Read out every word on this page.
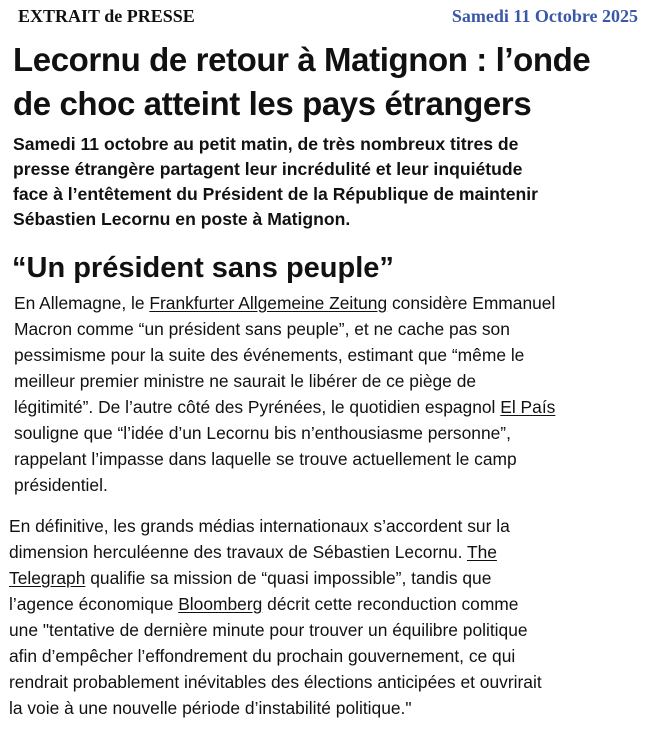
EXTRAIT de PRESSE	Samedi 11 Octobre 2025
Lecornu de retour à Matignon : l’onde
de choc atteint les pays étrangers

Samedi 11 octobre au petit matin, de très nombreux titres de
presse étrangère partagent leur incrédulité et leur inquiétude
face à l’entêtement du Président de la République de maintenir
Sébastien Lecornu en poste à Matignon.

“Un président sans peuple”

En Allemagne, le Frankfurter Allgemeine Zeitung considère Emmanuel
Macron comme “un président sans peuple”, et ne cache pas son
pessimisme pour la suite des événements, estimant que “même le
meilleur premier ministre ne saurait le libérer de ce piège de
légitimité”. De l’autre côté des Pyrénées, le quotidien espagnol El País
souligne que “l’idée d’un Lecornu bis n’enthousiasme personne”,
rappelant l’impasse dans laquelle se trouve actuellement le camp
présidentiel.

En définitive, les grands médias internationaux s’accordent sur la
dimension herculéenne des travaux de Sébastien Lecornu. The
Telegraph qualifie sa mission de “quasi impossible”, tandis que
l’agence économique Bloomberg décrit cette reconduction comme
une "tentative de dernière minute pour trouver un équilibre politique
afin d’empêcher l’effondrement du prochain gouvernement, ce qui
rendrait probablement inévitables des élections anticipées et ouvrirait
la voie à une nouvelle période d’instabilité politique."
